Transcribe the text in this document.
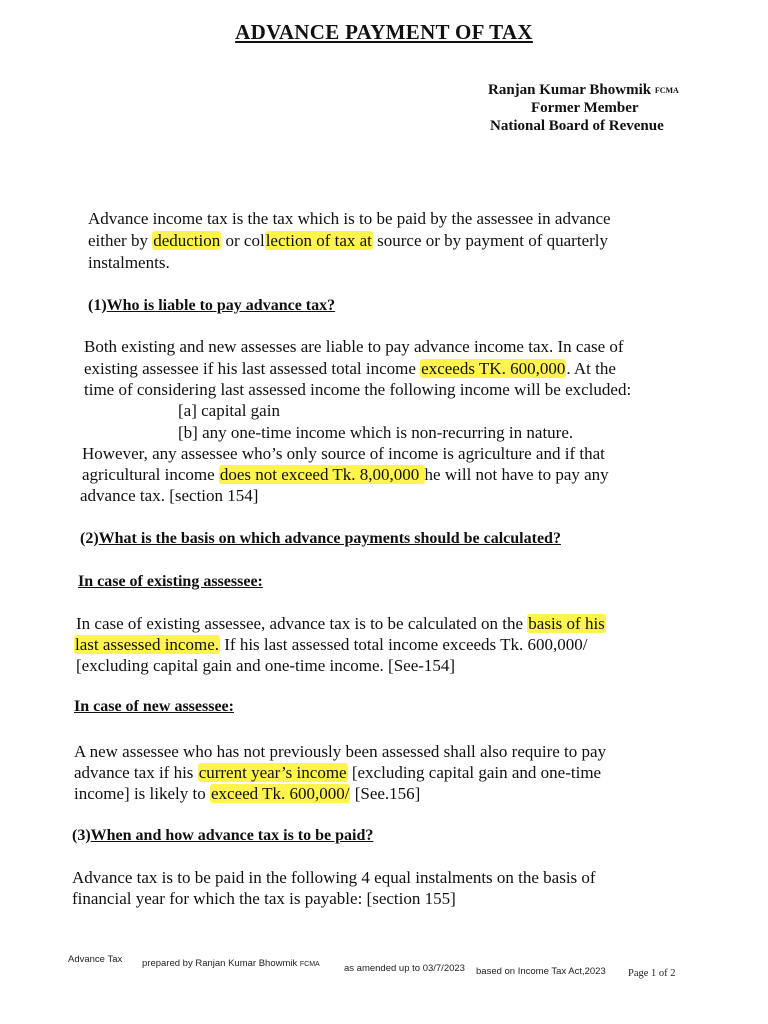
ADVANCE PAYMENT OF TAX
Ranjan Kumar Bhowmik FCMA
Former Member
National Board of Revenue
Advance income tax is the tax which is to be paid by the assessee in advance
either by deduction or collection of tax at source or by payment of quarterly
instalments.
(1)Who is liable to pay advance tax?
Both existing and new assesses are liable to pay advance income tax. In case of
existing assessee if his last assessed total income exceeds TK. 600,000. At the
time of considering last assessed income the following income will be excluded:
[a] capital gain
[b] any one-time income which is non-recurring in nature.
However, any assessee who’s only source of income is agriculture and if that
agricultural income does not exceed Tk. 8,00,000 he will not have to pay any
advance tax. [section 154]
(2)What is the basis on which advance payments should be calculated?
In case of existing assessee:
In case of existing assessee, advance tax is to be calculated on the basis of his
last assessed income. If his last assessed total income exceeds Tk. 600,000/
[excluding capital gain and one-time income. [See-154]
In case of new assessee:
A new assessee who has not previously been assessed shall also require to pay
advance tax if his current year’s income [excluding capital gain and one-time
income] is likely to exceed Tk. 600,000/ [See.156]
(3)When and how advance tax is to be paid?
Advance tax is to be paid in the following 4 equal instalments on the basis of
financial year for which the tax is payable: [section 155]
Advance Tax prepared by Ranjan Kumar Bhowmik FCMA	as amended up to 03/7/2023 based on Income Tax Act,2023 Page 1 of 2
